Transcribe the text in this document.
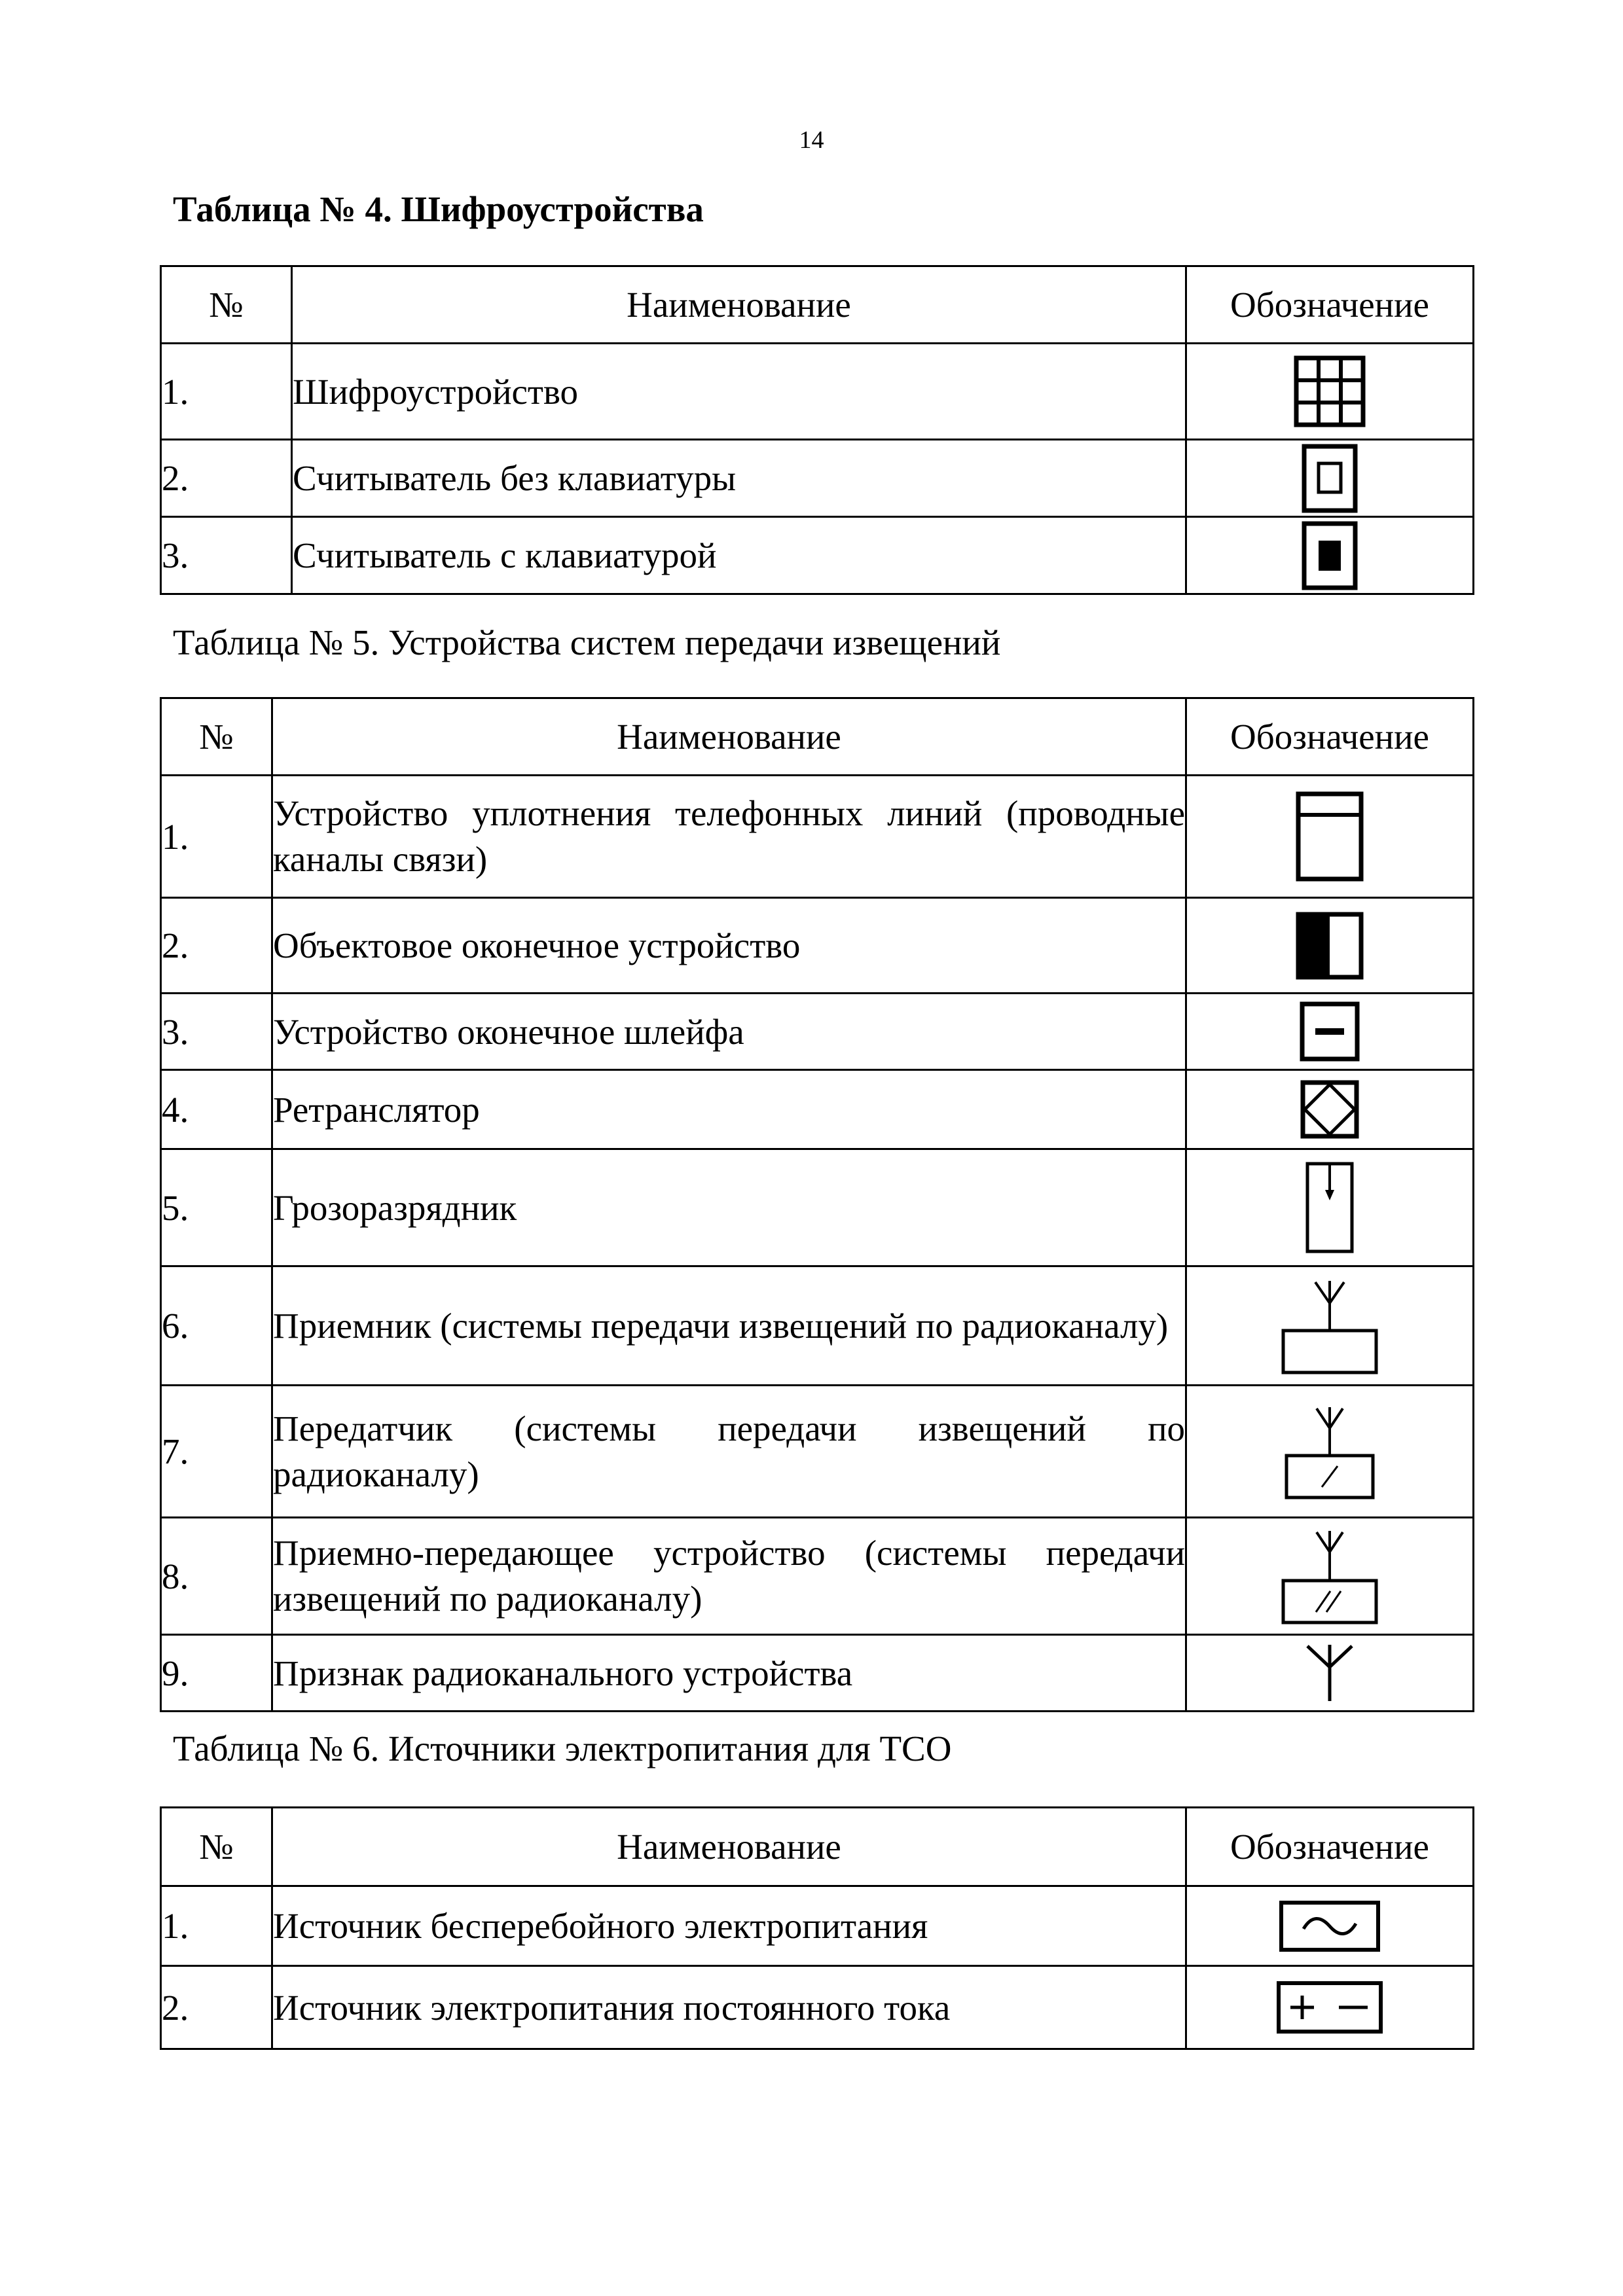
14
Таблица № 4. Шифроустройства
№	Наименование	Обозначение
1.	Шифроустройство	

2.	Считыватель без клавиатуры	

3.	Считыватель с клавиатурой	
Таблица № 5. Устройства систем передачи извещений
№	Наименование	Обозначение
1.	Устройство уплотнения телефонных линий (проводные каналы связи)	

2.	Объектовое оконечное устройство	

3.	Устройство оконечное шлейфа	

4.	Ретранслятор	

5.	Грозоразрядник	

6.	Приемник (системы передачи извещений по радиоканалу)	

7.	Передатчик (системы передачи извещений по радиоканалу)	

8.	Приемно-передающее устройство (системы передачи извещений по радиоканалу)	

9.	Признак радиоканального устройства	
Таблица № 6. Источники электропитания для ТСО
№	Наименование	Обозначение
1.	Источник бесперебойного электропитания	

2.	Источник электропитания постоянного тока	
